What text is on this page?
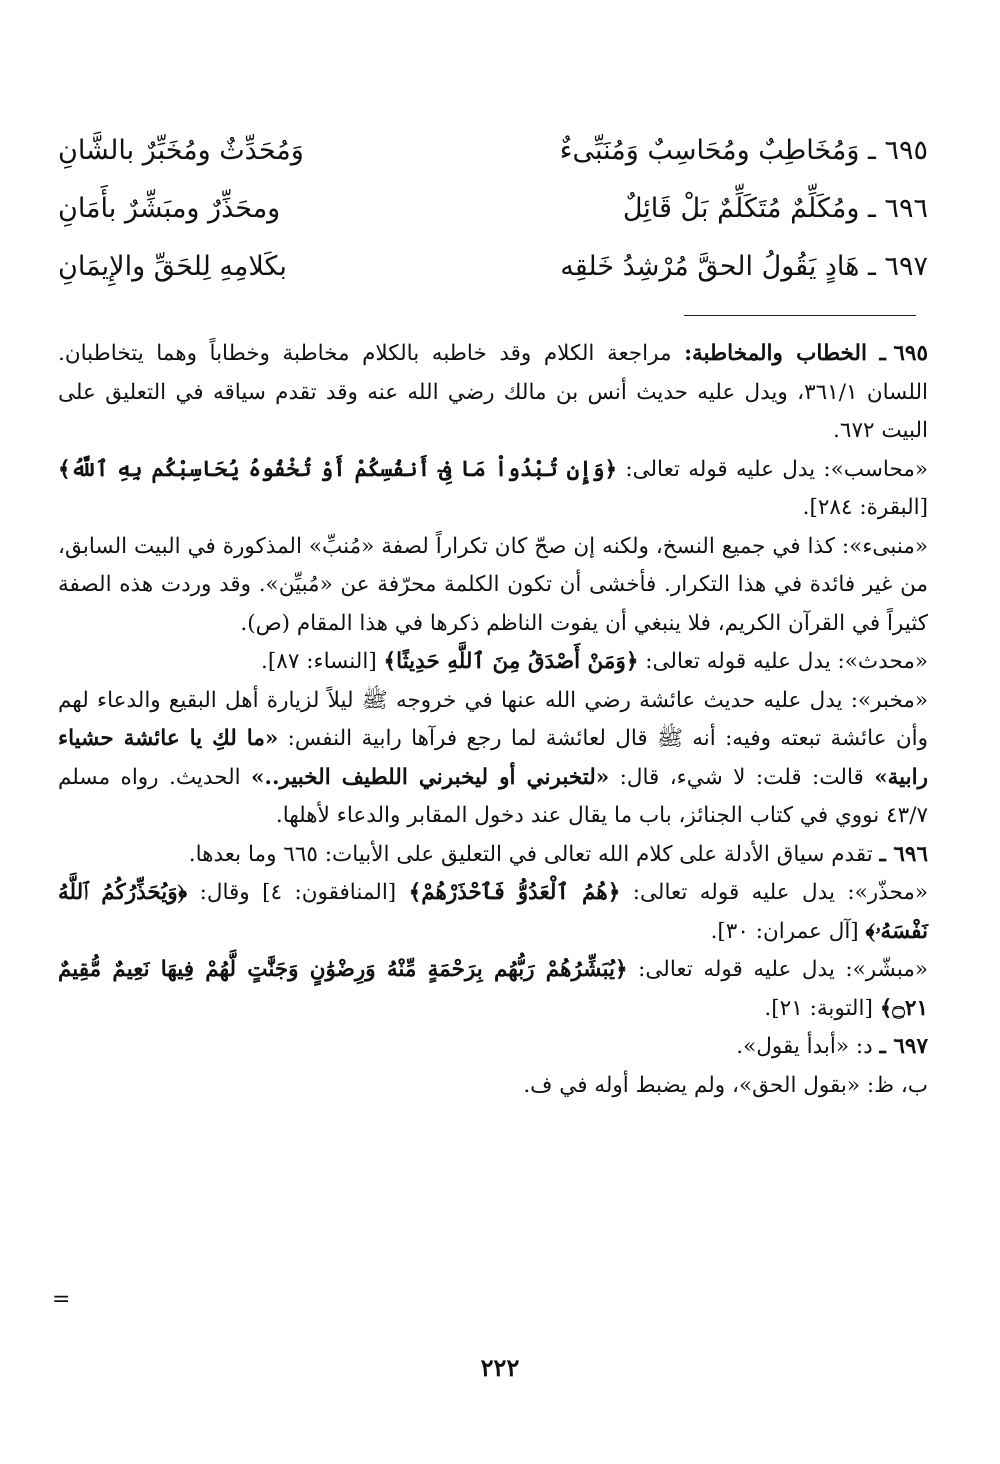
٦٩٥ ـ وَمُخَاطِبٌ ومُحَاسِبٌ وَمُنَبِّىءٌ
وَمُحَدِّثٌ ومُخَبِّرٌ بالشَّانِ
٦٩٦ ـ ومُكَلِّمٌ مُتَكَلِّمٌ بَلْ قَائِلٌ
ومحَذِّرٌ ومبَشِّرٌ بأَمَانِ
٦٩٧ ـ هَادٍ يَقُولُ الحقَّ مُرْشِدُ خَلقِه
بكَلامِهِ لِلحَقِّ والإِيمَانِ

٦٩٥ ـ الخطاب والمخاطبة: مراجعة الكلام وقد خاطبه بالكلام مخاطبة وخطاباً وهما يتخاطبان. اللسان ٣٦١/١، ويدل عليه حديث أنس بن مالك رضي الله عنه وقد تقدم سياقه في التعليق على البيت ٦٧٢.

«محاسب»: يدل عليه قوله تعالى: ﴿وَإِن تُبْدُواْ مَا فِىٓ أَنفُسِكُمْ أَوْ تُخْفُوهُ يُحَاسِبْكُم بِهِ ٱللَّهُ﴾ [البقرة: ٢٨٤].

«منبىء»: كذا في جميع النسخ، ولكنه إن صحّ كان تكراراً لصفة «مُنبِّ» المذكورة في البيت السابق، من غير فائدة في هذا التكرار. فأخشى أن تكون الكلمة محرّفة عن «مُبيِّن». وقد وردت هذه الصفة كثيراً في القرآن الكريم، فلا ينبغي أن يفوت الناظم ذكرها في هذا المقام (ص).

«محدث»: يدل عليه قوله تعالى: ﴿وَمَنْ أَصْدَقُ مِنَ ٱللَّهِ حَدِيثًا﴾ [النساء: ٨٧].

«مخبر»: يدل عليه حديث عائشة رضي الله عنها في خروجه ﷺ ليلاً لزيارة أهل البقيع والدعاء لهم وأن عائشة تبعته وفيه: أنه ﷺ قال لعائشة لما رجع فرآها رابية النفس: «ما لكِ يا عائشة حشياء رابية» قالت: قلت: لا شيء، قال: «لتخبرني أو ليخبرني اللطيف الخبير..» الحديث. رواه مسلم ٤٣/٧ نووي في كتاب الجنائز، باب ما يقال عند دخول المقابر والدعاء لأهلها.

٦٩٦ ـ تقدم سياق الأدلة على كلام الله تعالى في التعليق على الأبيات: ٦٦٥ وما بعدها.

«محذّر»: يدل عليه قوله تعالى: ﴿هُمُ ٱلْعَدُوُّ فَٱحْذَرْهُمْ﴾ [المنافقون: ٤] وقال: ﴿وَيُحَذِّرُكُمُ ٱللَّهُ نَفْسَهُۥ﴾ [آل عمران: ٣٠].

«مبشّر»: يدل عليه قوله تعالى: ﴿يُبَشِّرُهُمْ رَبُّهُم بِرَحْمَةٍ مِّنْهُ وَرِضْوَٰنٍ وَجَنَّٰتٍ لَّهُمْ فِيهَا نَعِيمٌ مُّقِيمٌ ۝٢١﴾ [التوبة: ٢١].

٦٩٧ ـ د: «أبدأ يقول».

ب، ظ: «بقول الحق»، ولم يضبط أوله في ف.

=
٢٢٢
